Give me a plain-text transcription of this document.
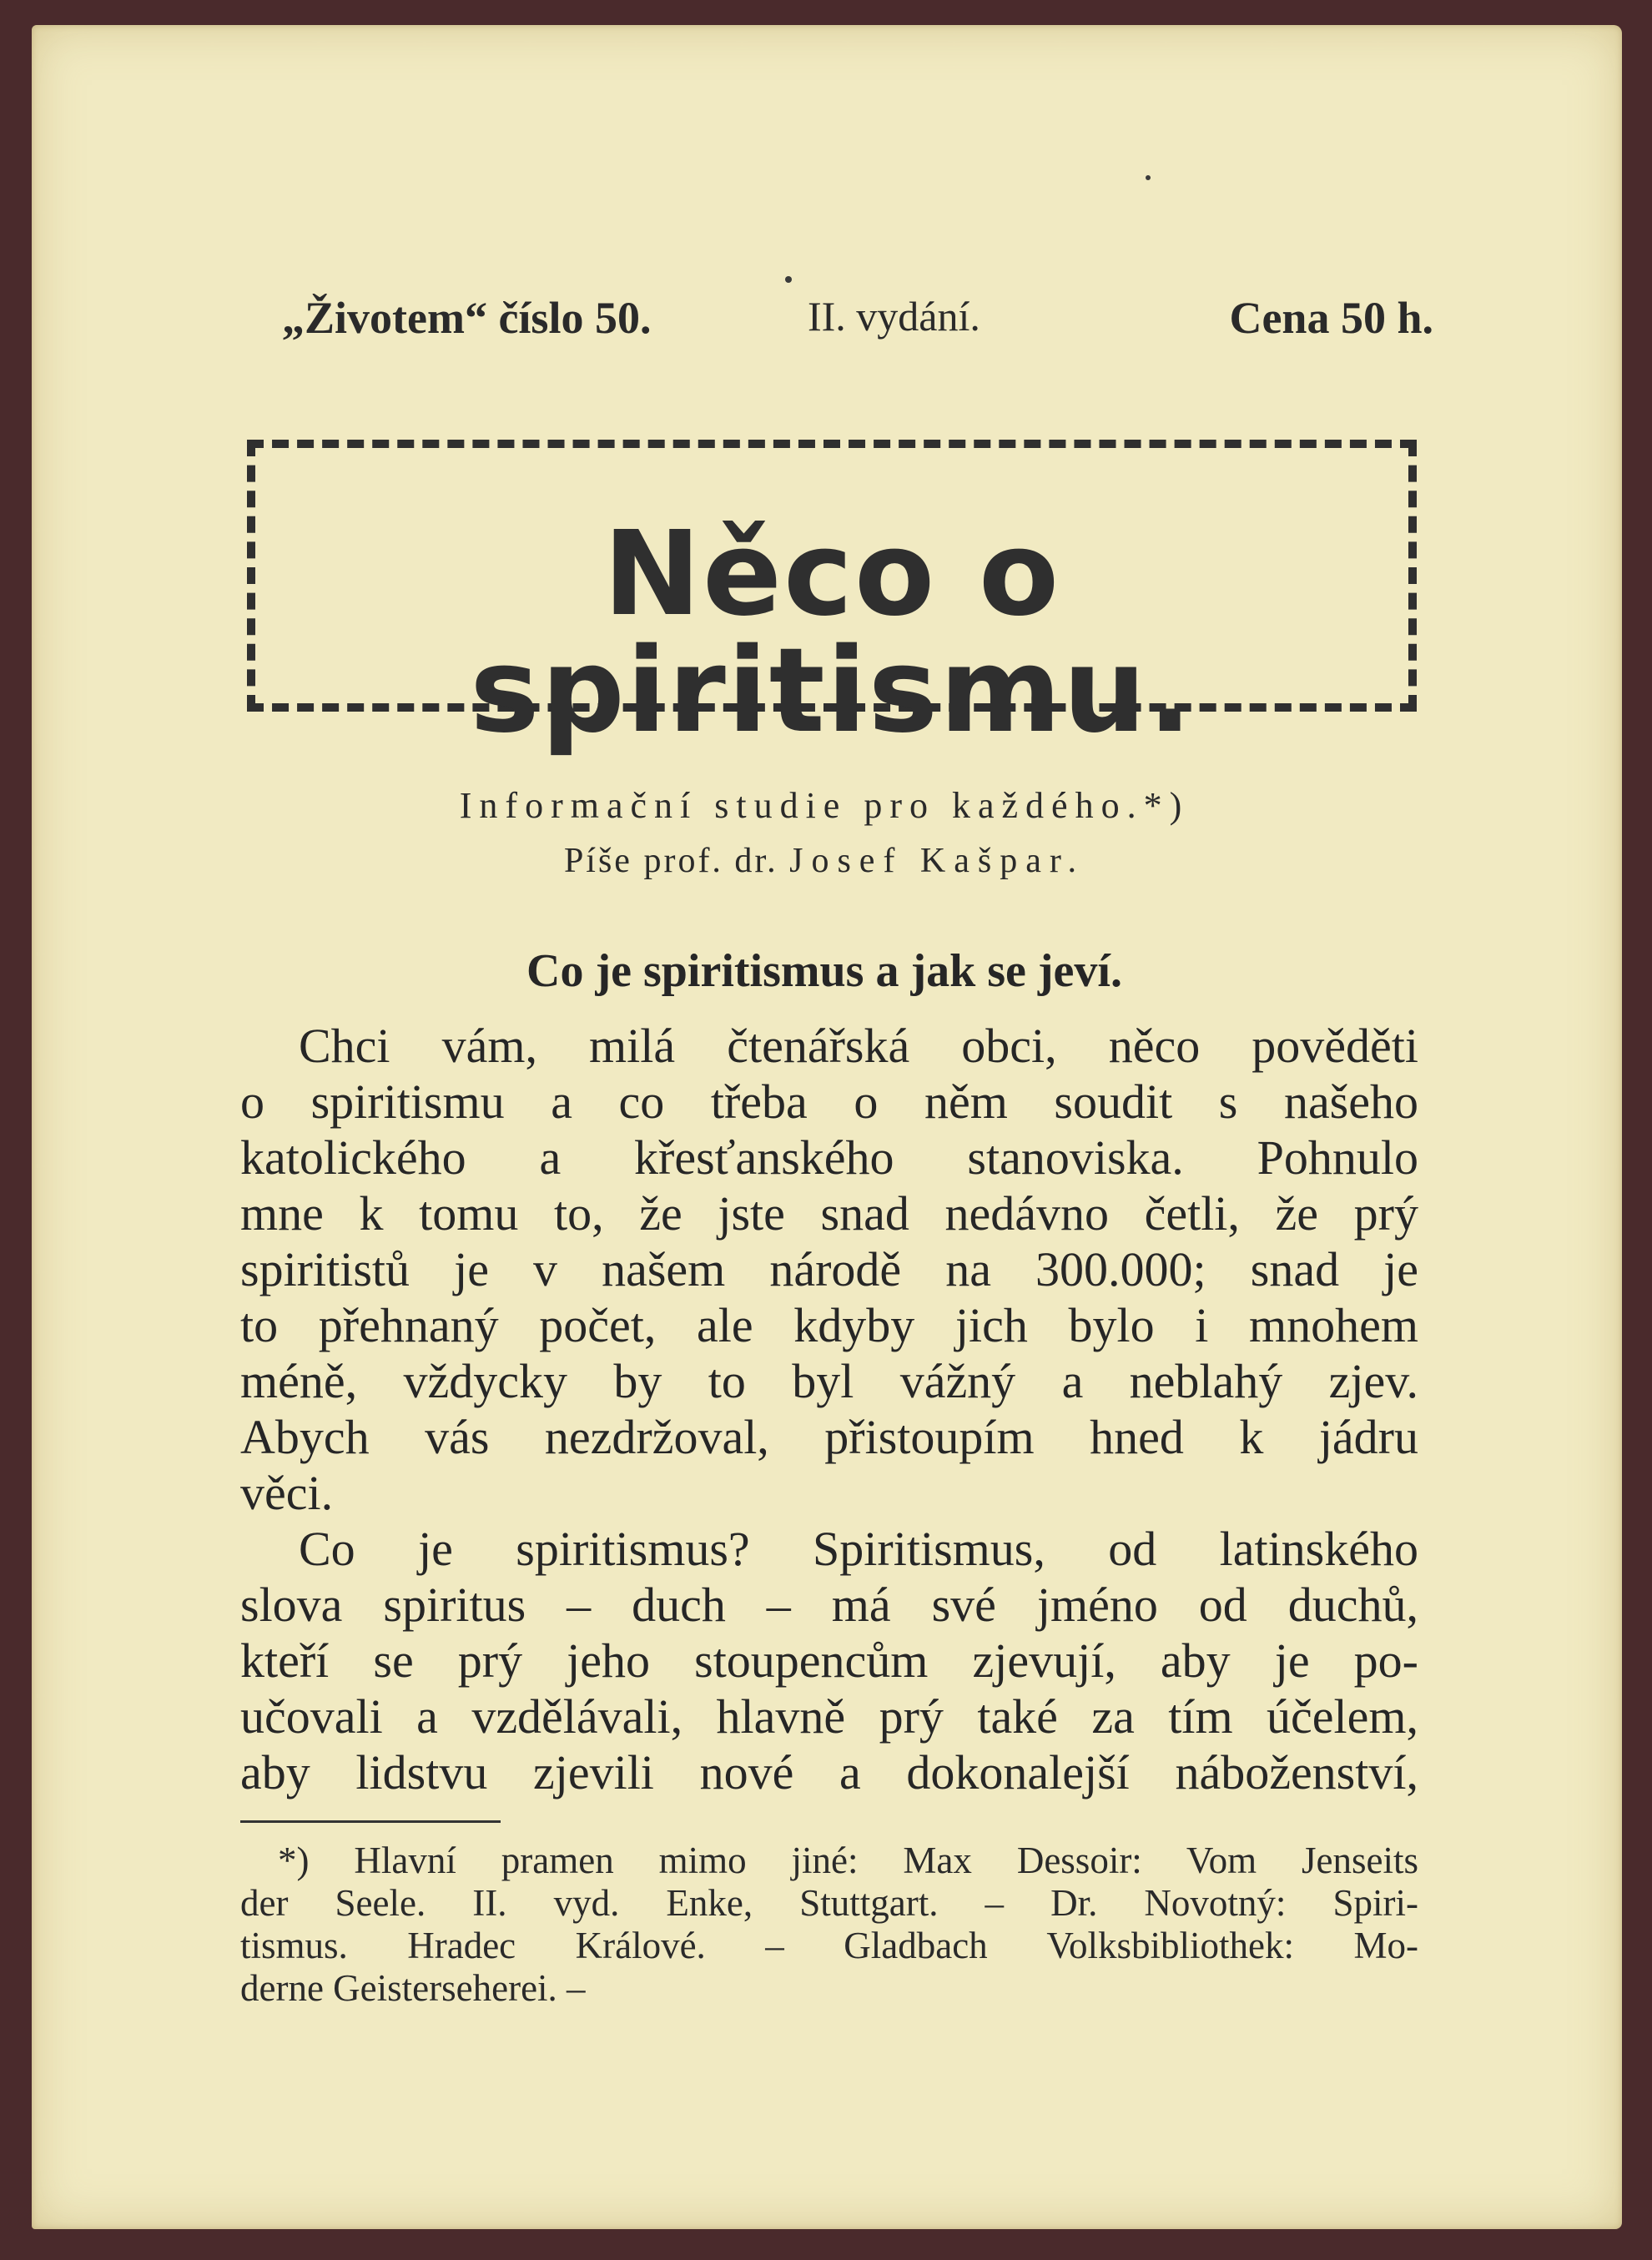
„Životem“ číslo 50.	II. vydání.	Cena 50 h.
Něco o spiritismu.
Informační studie pro každého.*)
Píše prof. dr. Josef Kašpar.
Co je spiritismus a jak se jeví.

Chci vám, milá čtenářská obci, něco pověděti

o spiritismu a co třeba o něm soudit s našeho

katolického a křesťanského stanoviska. Pohnulo

mne k tomu to, že jste snad nedávno četli, že prý

spiritistů je v našem národě na 300.000; snad je

to přehnaný počet, ale kdyby jich bylo i mnohem

méně, vždycky by to byl vážný a neblahý zjev.

Abych vás nezdržoval, přistoupím hned k jádru

věci.

Co je spiritismus? Spiritismus, od latinského

slova spiritus – duch – má své jméno od duchů,

kteří se prý jeho stoupencům zjevují, aby je po-

učovali a vzdělávali, hlavně prý také za tím účelem,

aby lidstvu zjevili nové a dokonalejší náboženství,

*) Hlavní pramen mimo jiné: Max Dessoir: Vom Jenseits

der Seele. II. vyd. Enke, Stuttgart. – Dr. Novotný: Spiri-

tismus. Hradec Králové. – Gladbach Volksbibliothek: Mo-

derne Geisterseherei. –
